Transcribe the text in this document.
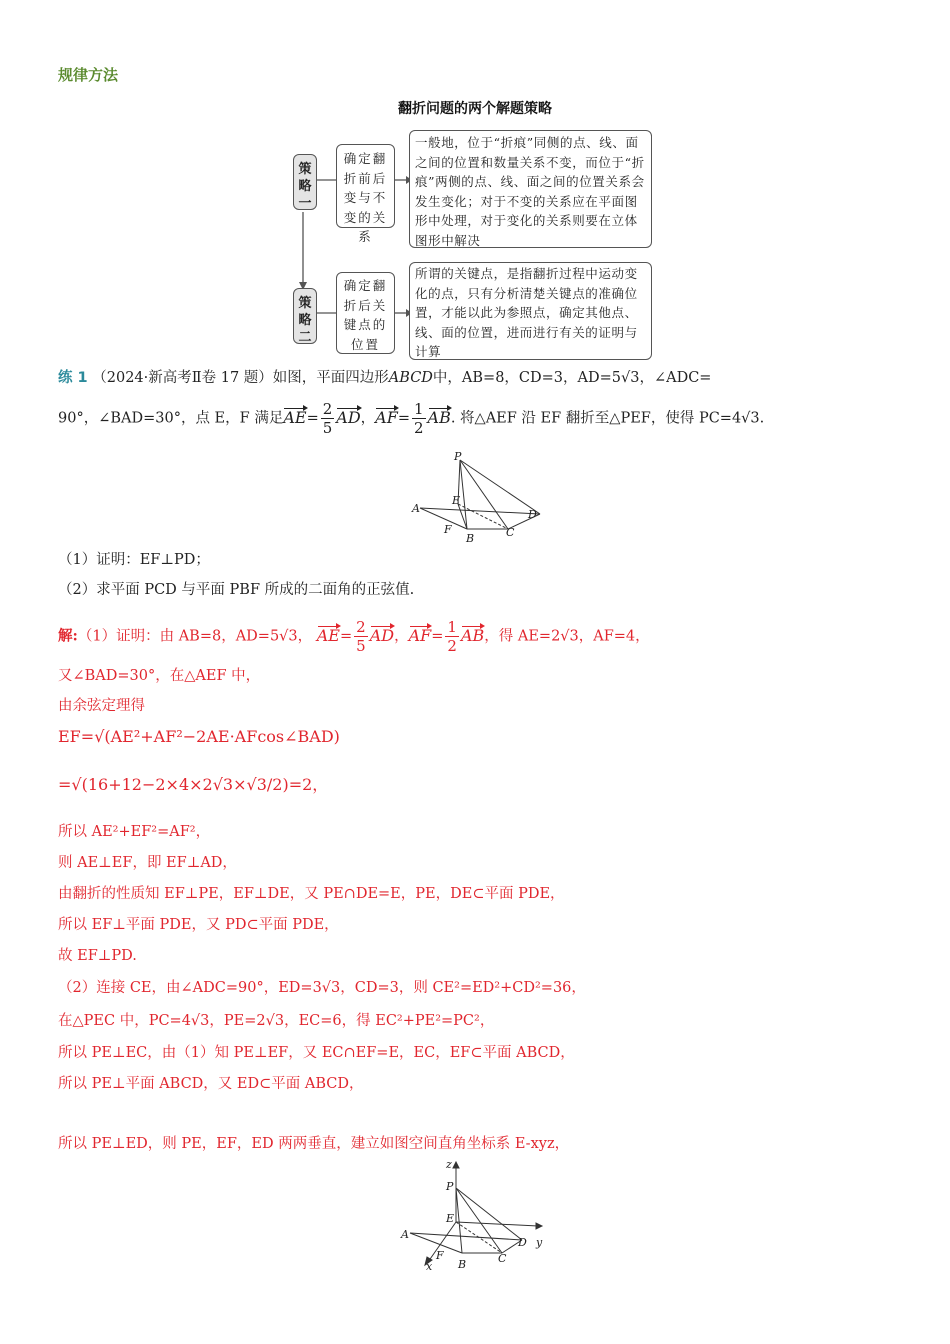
规律方法
翻折问题的两个解题策略
策
略
一
确定翻折前后变与不变的关系
一般地，位于“折痕”同侧的点、线、面之间的位置和数量关系不变，而位于“折痕”两侧的点、线、面之间的位置关系会发生变化；对于不变的关系应在平面图形中处理，对于变化的关系则要在立体图形中解决
策
略
二
确定翻折后关键点的位置
所谓的关键点，是指翻折过程中运动变化的点，只有分析清楚关键点的准确位置，才能以此为参照点，确定其他点、线、面的位置，进而进行有关的证明与计算
练 1 （2024·新高考Ⅱ卷 17 题）如图，平面四边形ABCD中，AB=8，CD=3，AD=5√3，∠ADC=
90°，∠BAD=30°，点 E，F 满足$AE= \frac{2}{5}$ AD，$AF= \frac{1}{2}$ AB. 将△AEF 沿 EF 翻折至△PEF，使得 PC=4√3.
P
E
A
F
B	C
D
（1）证明：EF⊥PD；
（2）求平面 PCD 与平面 PBF 所成的二面角的正弦值.
解:（1）证明：由 AB=8，AD=5√3， $AE= \frac{2}{5}$ AD，$AF= \frac{1}{2}$ AB，得 AE=2√3，AF=4，
又∠BAD=30°，在△AEF 中，
由余弦定理得
EF=√(AE²+AF²−2AE·AFcos∠BAD)
=√(16+12−2×4×2√3×√3/2)=2，
所以 AE²+EF²=AF²，
则 AE⊥EF，即 EF⊥AD，
由翻折的性质知 EF⊥PE，EF⊥DE，又 PE∩DE=E，PE，DE⊂平面 PDE，
所以 EF⊥平面 PDE，又 PD⊂平面 PDE，
故 EF⊥PD.
（2）连接 CE，由∠ADC=90°，ED=3√3，CD=3，则 CE²=ED²+CD²=36，
在△PEC 中，PC=4√3，PE=2√3，EC=6，得 EC²+PE²=PC²，
所以 PE⊥EC，由（1）知 PE⊥EF，又 EC∩EF=E，EC，EF⊂平面 ABCD，
所以 PE⊥平面 ABCD，又 ED⊂平面 ABCD，
所以 PE⊥ED，则 PE，EF，ED 两两垂直，建立如图空间直角坐标系 E-xyz，
z
P
E
A
F
B	C
D y
x
